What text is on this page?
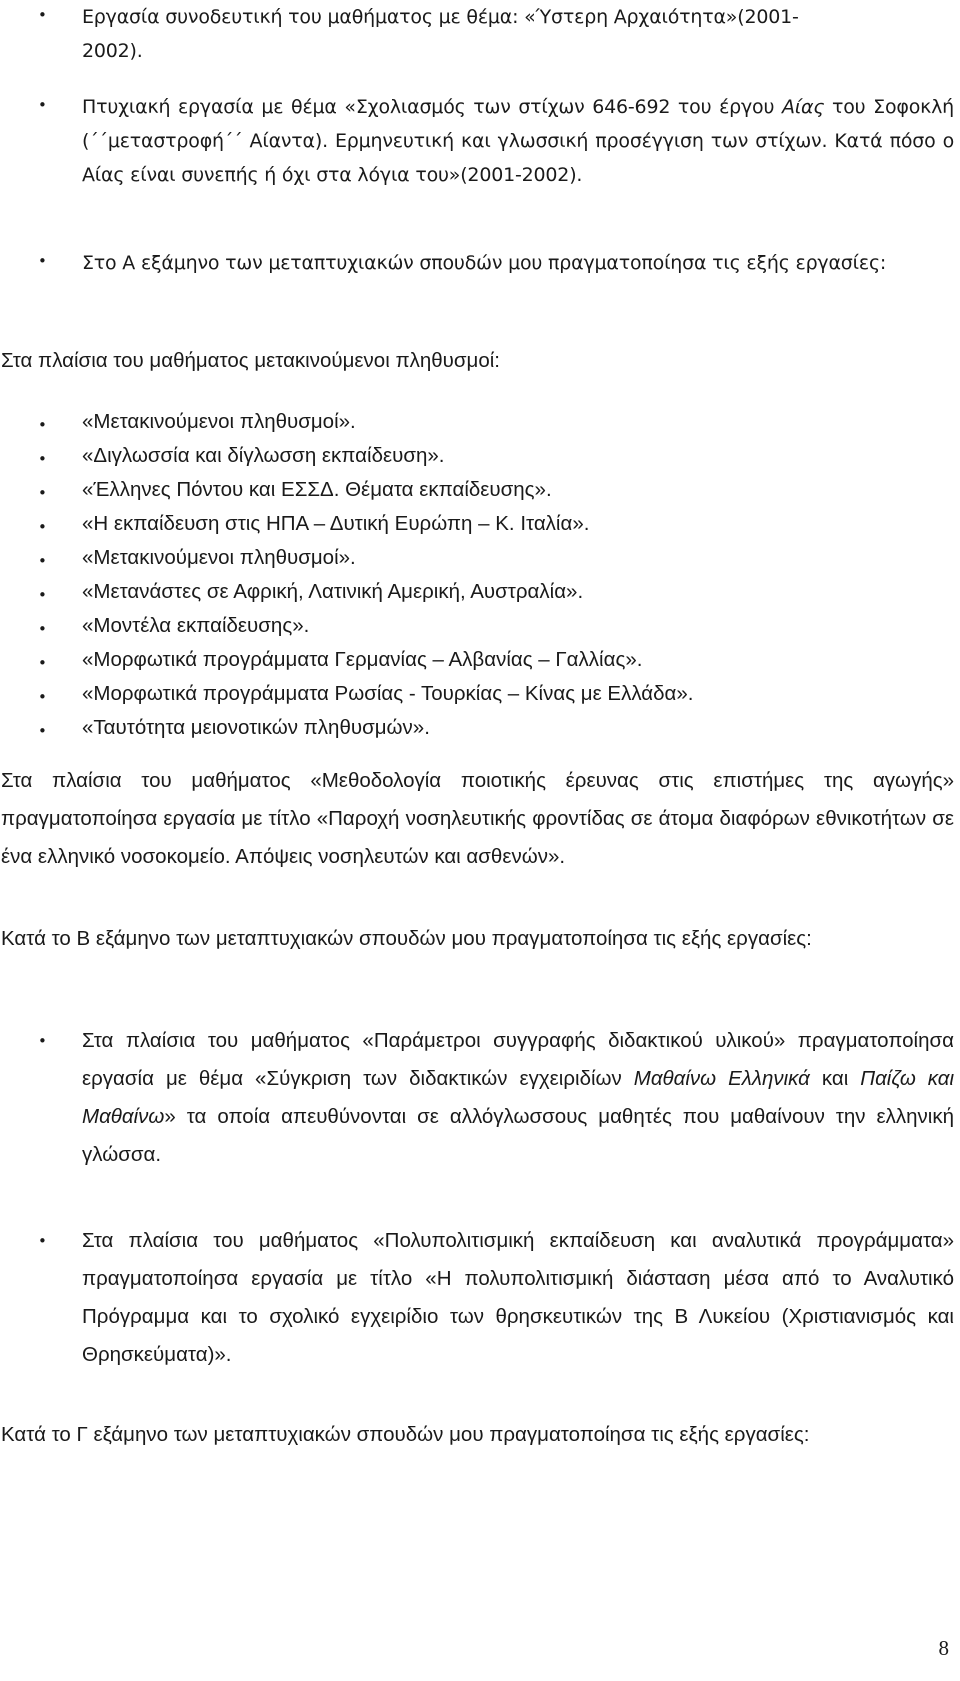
• Εργασία συνοδευτική του μαθήματος με θέμα: «Ύστερη Αρχαιότητα»(2001-
2002).
• Πτυχιακή εργασία με θέμα «Σχολιασμός των στίχων 646-692 του έργου Αίας του Σοφοκλή (΄΄μεταστροφή΄΄ Αίαντα). Ερμηνευτική και γλωσσική προσέγγιση των στίχων. Κατά πόσο ο Αίας είναι συνεπής ή όχι στα λόγια του»(2001-2002).
• Στο Α εξάμηνο των μεταπτυχιακών σπουδών μου πραγματοποίησα τις εξής εργασίες:
Στα πλαίσια του μαθήματος μετακινούμενοι πληθυσμοί:
• «Μετακινούμενοι πληθυσμοί».
• «Διγλωσσία και δίγλωσση εκπαίδευση».
• «Έλληνες Πόντου και ΕΣΣΔ. Θέματα εκπαίδευσης».
• «Η εκπαίδευση στις ΗΠΑ – Δυτική Ευρώπη – Κ. Ιταλία».
• «Μετακινούμενοι πληθυσμοί».
• «Μετανάστες σε Αφρική, Λατινική Αμερική, Αυστραλία».
• «Μοντέλα εκπαίδευσης».
• «Μορφωτικά προγράμματα Γερμανίας – Αλβανίας – Γαλλίας».
• «Μορφωτικά προγράμματα Ρωσίας - Τουρκίας – Κίνας με Ελλάδα».
• «Ταυτότητα μειονοτικών πληθυσμών».
Στα πλαίσια του μαθήματος «Μεθοδολογία ποιοτικής έρευνας στις επιστήμες της αγωγής» πραγματοποίησα εργασία με τίτλο «Παροχή νοσηλευτικής φροντίδας σε άτομα διαφόρων εθνικοτήτων σε ένα ελληνικό νοσοκομείο. Απόψεις νοσηλευτών και ασθενών».
Κατά το Β εξάμηνο των μεταπτυχιακών σπουδών μου πραγματοποίησα τις εξής εργασίες:
• Στα πλαίσια του μαθήματος «Παράμετροι συγγραφής διδακτικού υλικού» πραγματοποίησα εργασία με θέμα «Σύγκριση των διδακτικών εγχειριδίων Μαθαίνω Ελληνικά και Παίζω και Μαθαίνω» τα οποία απευθύνονται σε αλλόγλωσσους μαθητές που μαθαίνουν την ελληνική γλώσσα.
• Στα πλαίσια του μαθήματος «Πολυπολιτισμική εκπαίδευση και αναλυτικά προγράμματα» πραγματοποίησα εργασία με τίτλο «Η πολυπολιτισμική διάσταση μέσα από το Αναλυτικό Πρόγραμμα και το σχολικό εγχειρίδιο των θρησκευτικών της Β Λυκείου (Χριστιανισμός και Θρησκεύματα)».
Κατά το Γ εξάμηνο των μεταπτυχιακών σπουδών μου πραγματοποίησα τις εξής εργασίες:
8
